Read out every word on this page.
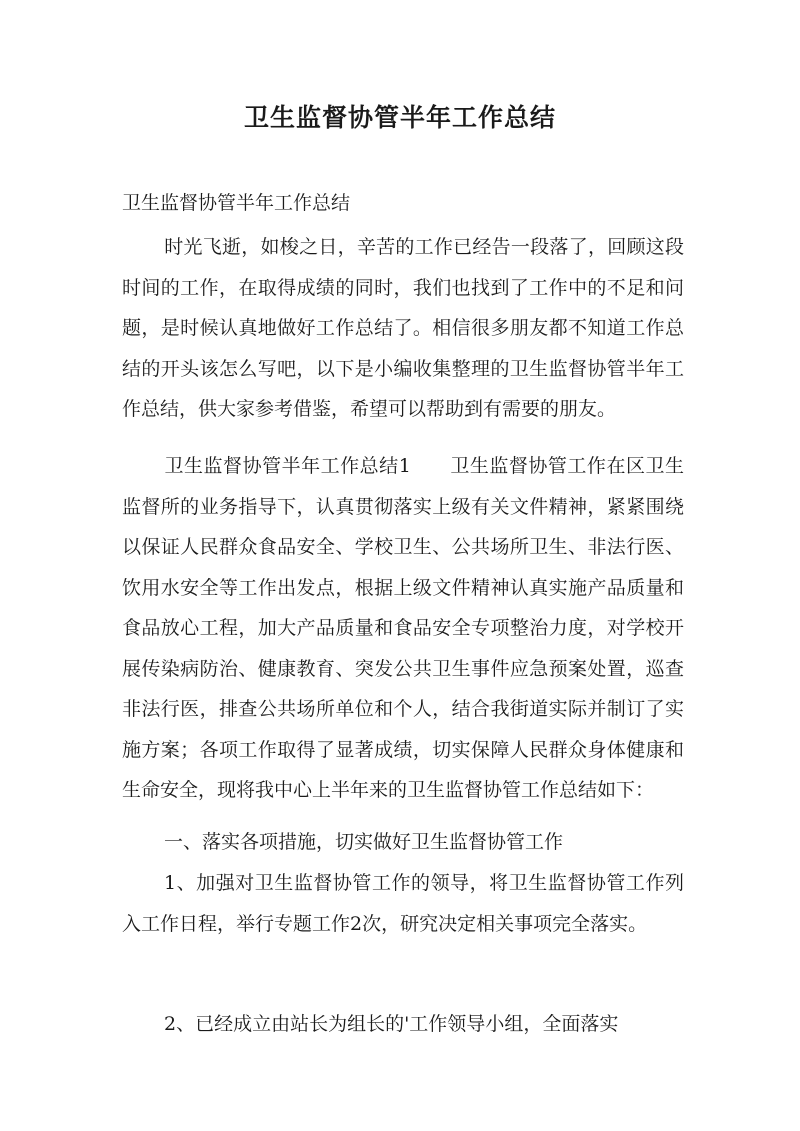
卫生监督协管半年工作总结

卫生监督协管半年工作总结

时光飞逝，如梭之日，辛苦的工作已经告一段落了，回顾这段时间的工作，在取得成绩的同时，我们也找到了工作中的不足和问题，是时候认真地做好工作总结了。相信很多朋友都不知道工作总结的开头该怎么写吧，以下是小编收集整理的卫生监督协管半年工作总结，供大家参考借鉴，希望可以帮助到有需要的朋友。

卫生监督协管半年工作总结1　　卫生监督协管工作在区卫生监督所的业务指导下，认真贯彻落实上级有关文件精神，紧紧围绕以保证人民群众食品安全、学校卫生、公共场所卫生、非法行医、饮用水安全等工作出发点，根据上级文件精神认真实施产品质量和食品放心工程，加大产品质量和食品安全专项整治力度，对学校开展传染病防治、健康教育、突发公共卫生事件应急预案处置，巡查非法行医，排查公共场所单位和个人，结合我街道实际并制订了实施方案；各项工作取得了显著成绩，切实保障人民群众身体健康和生命安全，现将我中心上半年来的卫生监督协管工作总结如下：

一、落实各项措施，切实做好卫生监督协管工作

1、加强对卫生监督协管工作的领导，将卫生监督协管工作列入工作日程，举行专题工作2次，研究决定相关事项完全落实。

2、已经成立由站长为组长的'工作领导小组，全面落实
